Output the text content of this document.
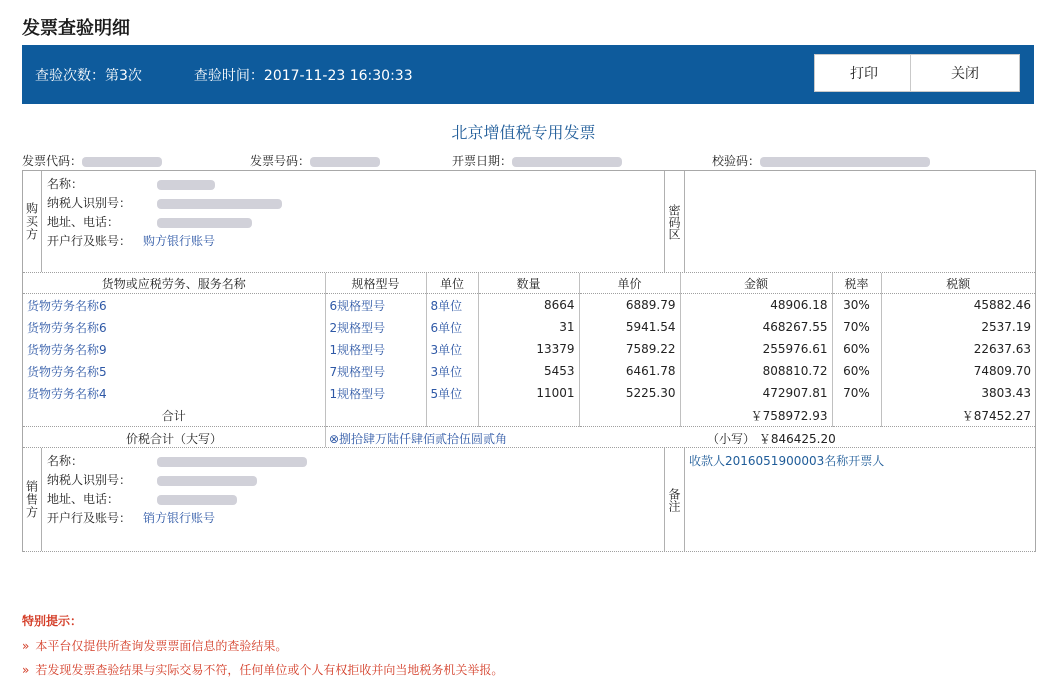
发票查验明细
查验次数：第3次	查验时间：2017-11-23 16:30:33	打印	关闭
北京增值税专用发票
发票代码：	发票号码：	开票日期：	校验码：
购买方
名称：
纳税人识别号：
地址、电话：
开户行及账号： 购方银行账号
密码区
货物或应税劳务、服务名称	规格型号	单位	数量	单价	金额	税率	税额
货物劳务名称6	6规格型号	8单位	8664	6889.79	48906.18	30%	45882.46
货物劳务名称6	2规格型号	6单位	31	5941.54	468267.55	70%	2537.19
货物劳务名称9	1规格型号	3单位	13379	7589.22	255976.61	60%	22637.63
货物劳务名称5	7规格型号	3单位	5453	6461.78	808810.72	60%	74809.70
货物劳务名称4	1规格型号	5单位	11001	5225.30	472907.81	70%	3803.43
合计					￥758972.93		￥87452.27
价税合计（大写）	⊗捌拾肆万陆仟肆佰贰拾伍圆贰角	（小写） ￥846425.20
销售方
名称：
纳税人识别号：
地址、电话：
开户行及账号： 销方银行账号
备注
收款人2016051900003名称开票人
特别提示：
» 本平台仅提供所查询发票票面信息的查验结果。
» 若发现发票查验结果与实际交易不符，任何单位或个人有权拒收并向当地税务机关举报。
